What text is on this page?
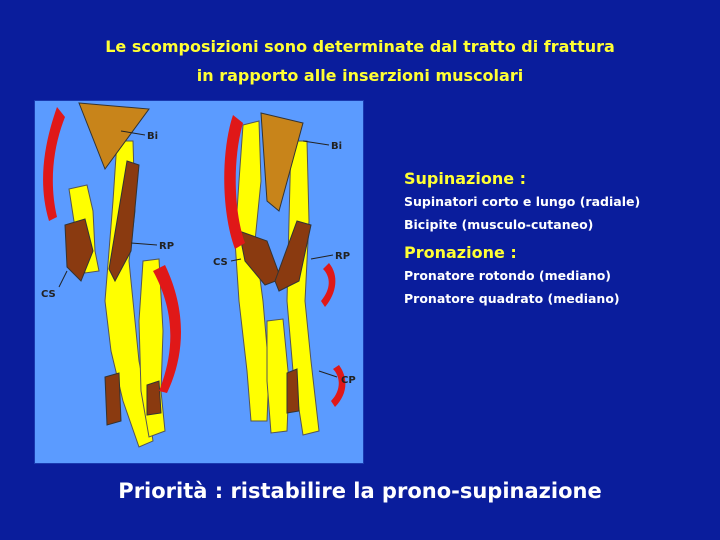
Le scomposizioni sono determinate dal tratto di frattura
in rapporto alle inserzioni muscolari
Bi
RP
CS
Bi
CS
RP
CP
Supinazione :
Supinatori corto e lungo (radiale)
Bicipite (musculo-cutaneo)
Pronazione :
Pronatore rotondo (mediano)
Pronatore quadrato (mediano)
Priorità : ristabilire la prono-supinazione
